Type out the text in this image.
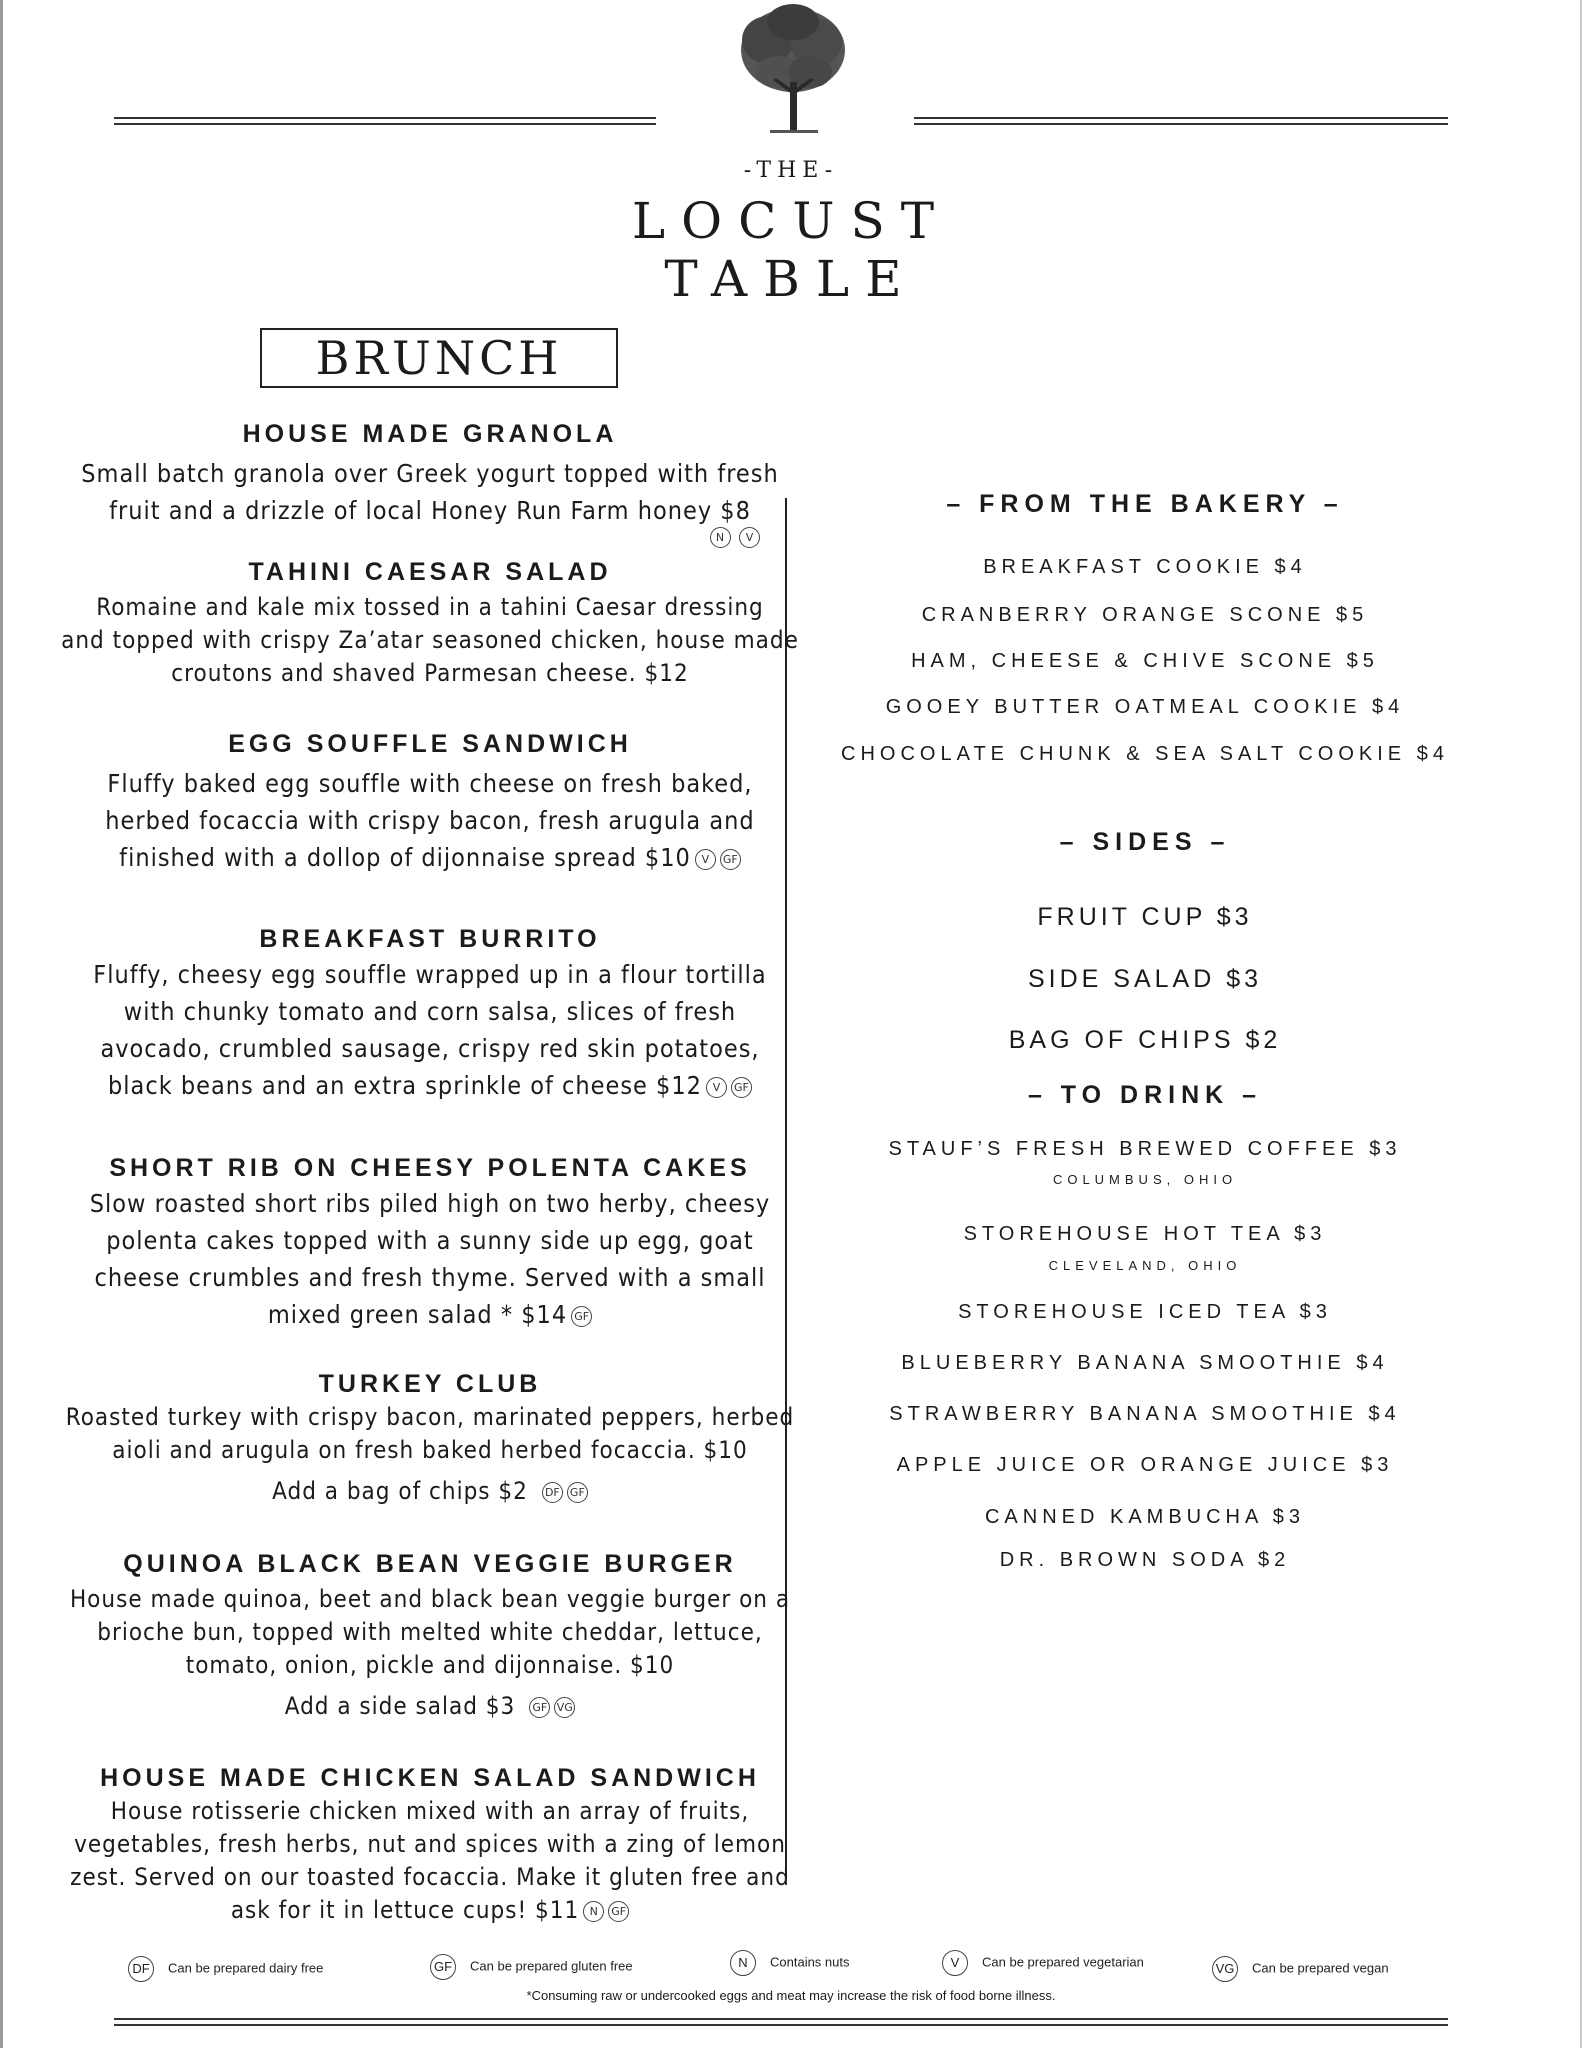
-THE-
LOCUST
TABLE
BRUNCH
HOUSE MADE GRANOLA
Small batch granola over Greek yogurt topped with fresh
fruit and a drizzle of local Honey Run Farm honey $8
N V
TAHINI CAESAR SALAD
Romaine and kale mix tossed in a tahini Caesar dressing
and topped with crispy Za’atar seasoned chicken, house made
croutons and shaved Parmesan cheese. $12
EGG SOUFFLE SANDWICH
Fluffy baked egg souffle with cheese on fresh baked,
herbed focaccia with crispy bacon, fresh arugula and
finished with a dollop of dijonnaise spread $10 V GF
BREAKFAST BURRITO
Fluffy, cheesy egg souffle wrapped up in a flour tortilla
with chunky tomato and corn salsa, slices of fresh
avocado, crumbled sausage, crispy red skin potatoes,
black beans and an extra sprinkle of cheese $12 V GF
SHORT RIB ON CHEESY POLENTA CAKES
Slow roasted short ribs piled high on two herby, cheesy
polenta cakes topped with a sunny side up egg, goat
cheese crumbles and fresh thyme. Served with a small
mixed green salad * $14 GF
TURKEY CLUB
Roasted turkey with crispy bacon, marinated peppers, herbed
aioli and arugula on fresh baked herbed focaccia. $10
Add a bag of chips $2 DF GF
QUINOA BLACK BEAN VEGGIE BURGER
House made quinoa, beet and black bean veggie burger on a
brioche bun, topped with melted white cheddar, lettuce,
tomato, onion, pickle and dijonnaise. $10
Add a side salad $3 GF VG
HOUSE MADE CHICKEN SALAD SANDWICH
House rotisserie chicken mixed with an array of fruits,
vegetables, fresh herbs, nut and spices with a zing of lemon
zest. Served on our toasted focaccia. Make it gluten free and
ask for it in lettuce cups! $11 N GF
– FROM THE BAKERY –
BREAKFAST COOKIE $4
CRANBERRY ORANGE SCONE $5
HAM, CHEESE & CHIVE SCONE $5
GOOEY BUTTER OATMEAL COOKIE $4
CHOCOLATE CHUNK & SEA SALT COOKIE $4
– SIDES –
FRUIT CUP $3
SIDE SALAD $3
BAG OF CHIPS $2
– TO DRINK –
STAUF’S FRESH BREWED COFFEE $3
COLUMBUS, OHIO
STOREHOUSE HOT TEA $3
CLEVELAND, OHIO
STOREHOUSE ICED TEA $3
BLUEBERRY BANANA SMOOTHIE $4
STRAWBERRY BANANA SMOOTHIE $4
APPLE JUICE OR ORANGE JUICE $3
CANNED KAMBUCHA $3
DR. BROWN SODA $2
DF Can be prepared dairy free	GF Can be prepared gluten free	N Contains nuts	V Can be prepared vegetarian	VG Can be prepared vegan
*Consuming raw or undercooked eggs and meat may increase the risk of food borne illness.
